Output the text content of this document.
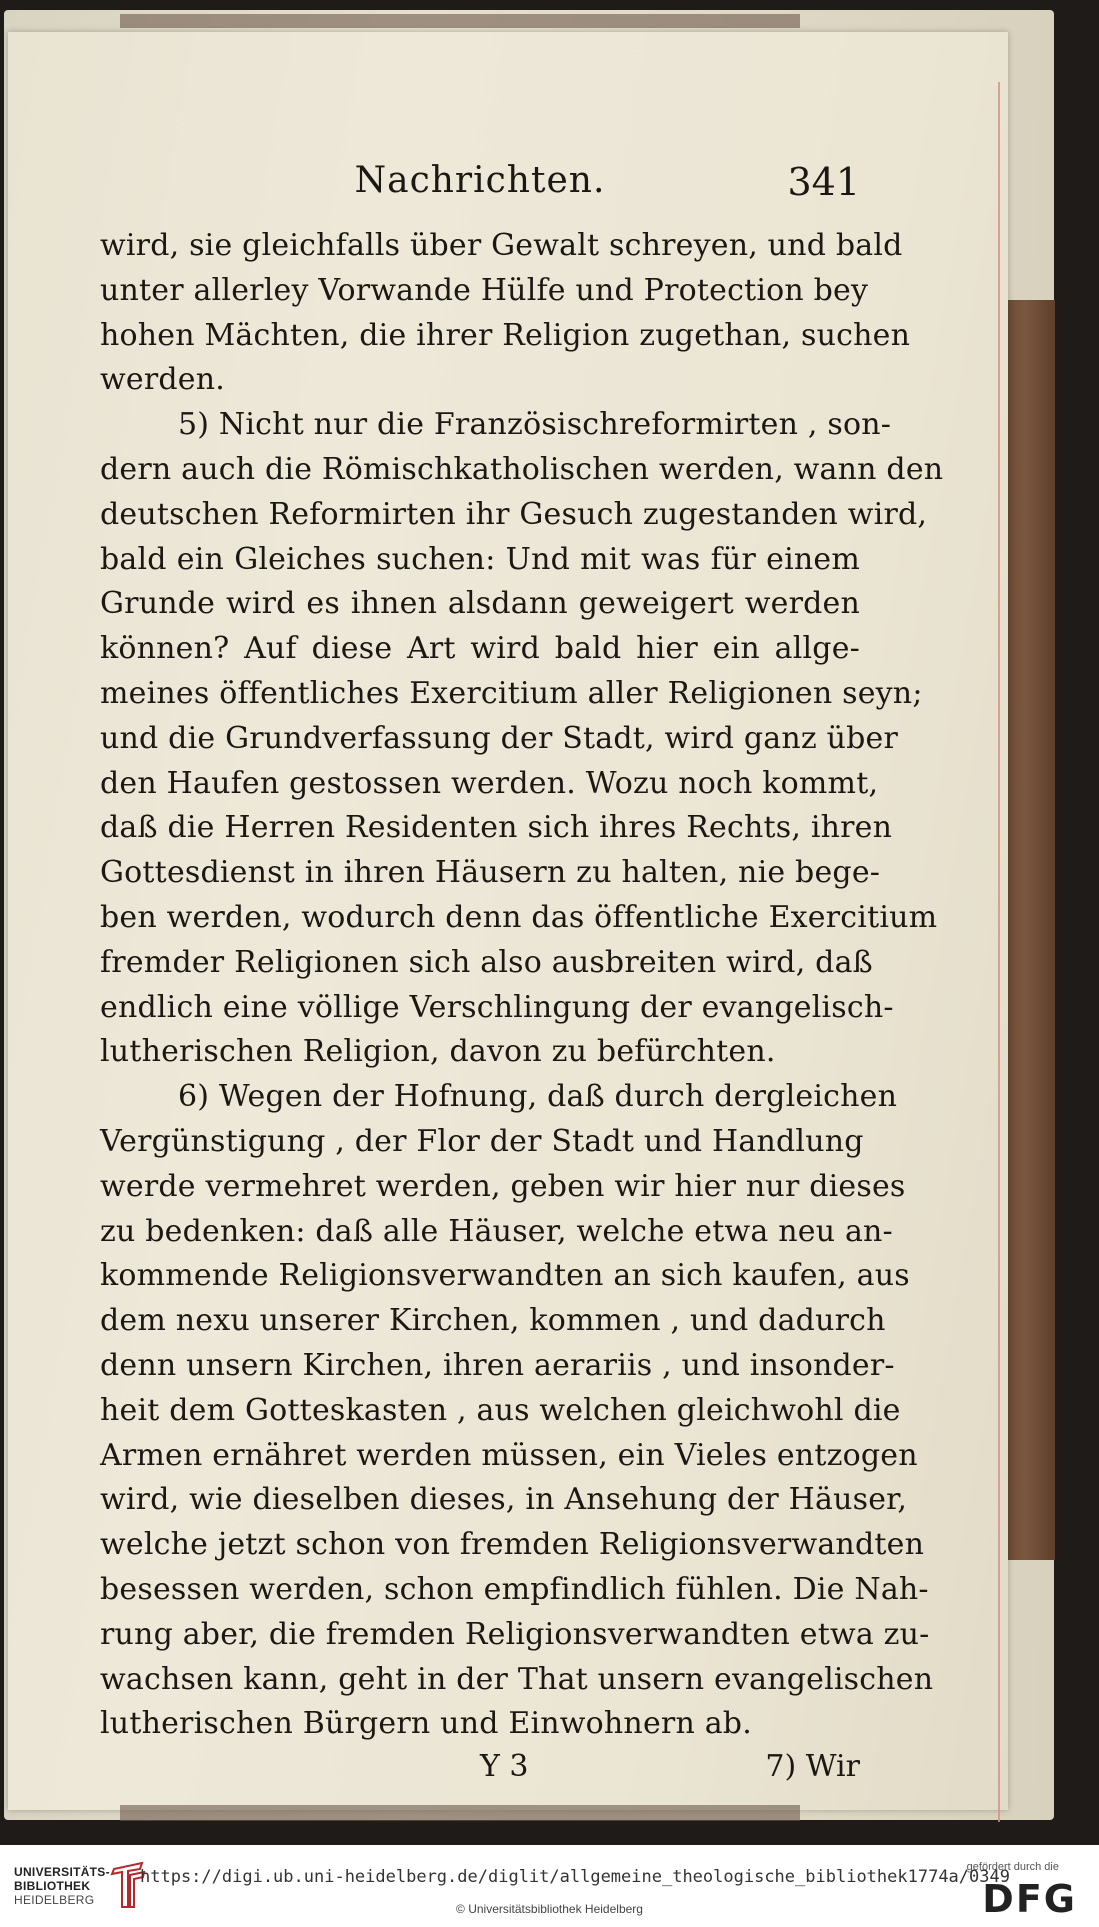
Nachrichten.	341
wird, sie gleichfalls über Gewalt schreyen, und bald
unter allerley Vorwande Hülfe und Protection bey
hohen Mächten, die ihrer Religion zugethan, suchen
werden.
5) Nicht nur die Französischreformirten , son-
dern auch die Römischkatholischen werden, wann den
deutschen Reformirten ihr Gesuch zugestanden wird,
bald ein Gleiches suchen: Und mit was für einem
Grunde wird es ihnen alsdann geweigert werden
können? Auf diese Art wird bald hier ein allge-
meines öffentliches Exercitium aller Religionen seyn;
und die Grundverfassung der Stadt, wird ganz über
den Haufen gestossen werden. Wozu noch kommt,
daß die Herren Residenten sich ihres Rechts, ihren
Gottesdienst in ihren Häusern zu halten, nie bege-
ben werden, wodurch denn das öffentliche Exercitium
fremder Religionen sich also ausbreiten wird, daß
endlich eine völlige Verschlingung der evangelisch-
lutherischen Religion, davon zu befürchten.
6) Wegen der Hofnung, daß durch dergleichen
Vergünstigung , der Flor der Stadt und Handlung
werde vermehret werden, geben wir hier nur dieses
zu bedenken: daß alle Häuser, welche etwa neu an-
kommende Religionsverwandten an sich kaufen, aus
dem nexu unserer Kirchen, kommen , und dadurch
denn unsern Kirchen, ihren aerariis , und insonder-
heit dem Gotteskasten , aus welchen gleichwohl die
Armen ernähret werden müssen, ein Vieles entzogen
wird, wie dieselben dieses, in Ansehung der Häuser,
welche jetzt schon von fremden Religionsverwandten
besessen werden, schon empfindlich fühlen. Die Nah-
rung aber, die fremden Religionsverwandten etwa zu-
wachsen kann, geht in der That unsern evangelischen
lutherischen Bürgern und Einwohnern ab.
Y 3	7) Wir
UNIVERSITÄTS-
BIBLIOTHEK
HEIDELBERG
https://digi.ub.uni-heidelberg.de/diglit/allgemeine_theologische_bibliothek1774a/0349
© Universitätsbibliothek Heidelberg
gefördert durch die
DFG
